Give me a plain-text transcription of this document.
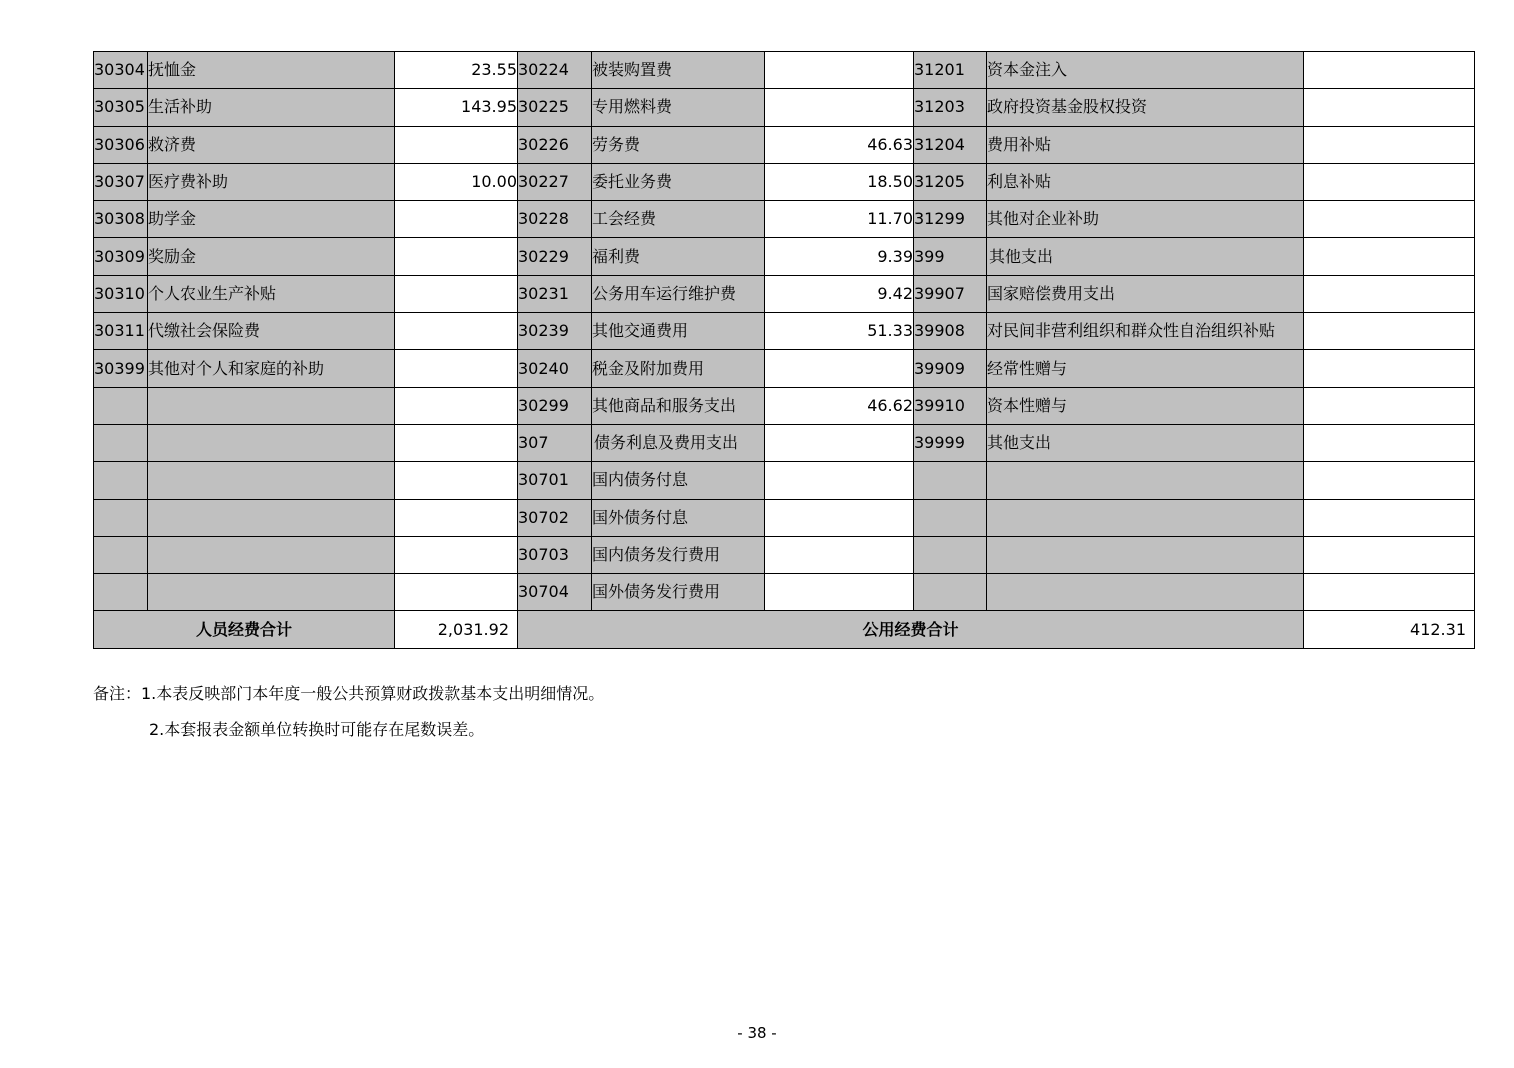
30304	抚恤金	23.55	30224	被装购置费		31201	资本金注入	
30305	生活补助	143.95	30225	专用燃料费		31203	政府投资基金股权投资	
30306	救济费		30226	劳务费	46.63	31204	费用补贴	
30307	医疗费补助	10.00	30227	委托业务费	18.50	31205	利息补贴	
30308	助学金		30228	工会经费	11.70	31299	其他对企业补助	
30309	奖励金		30229	福利费	9.39	399	其他支出	
30310	个人农业生产补贴		30231	公务用车运行维护费	9.42	39907	国家赔偿费用支出	
30311	代缴社会保险费		30239	其他交通费用	51.33	39908	对民间非营利组织和群众性自治组织补贴	
30399	其他对个人和家庭的补助		30240	税金及附加费用		39909	经常性赠与	
			30299	其他商品和服务支出	46.62	39910	资本性赠与	
			307	债务利息及费用支出		39999	其他支出	
			30701	国内债务付息				
			30702	国外债务付息				
			30703	国内债务发行费用				
			30704	国外债务发行费用				
人员经费合计		2,031.92	公用经费合计					412.31
备注：1.本表反映部门本年度一般公共预算财政拨款基本支出明细情况。
2.本套报表金额单位转换时可能存在尾数误差。
- 38 -
